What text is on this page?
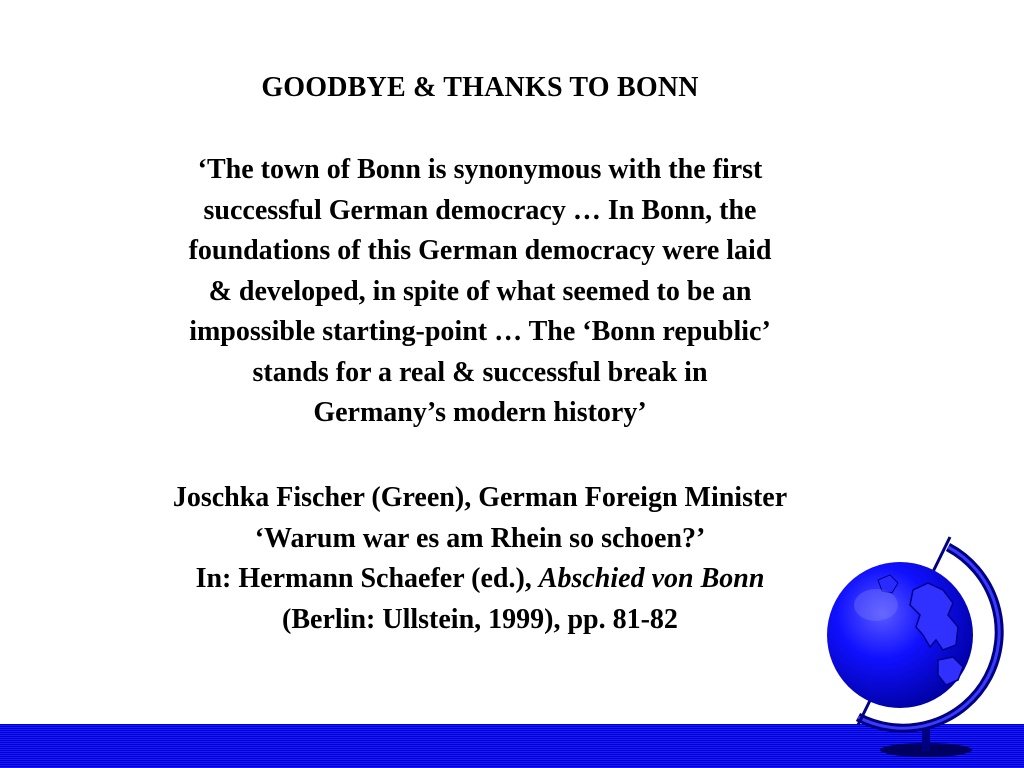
GOODBYE & THANKS TO BONN
‘The town of Bonn is synonymous with the first
successful German democracy … In Bonn, the
foundations of this German democracy were laid
& developed, in spite of what seemed to be an
impossible starting-point … The ‘Bonn republic’
stands for a real & successful break in
Germany’s modern history’
Joschka Fischer (Green), German Foreign Minister
‘Warum war es am Rhein so schoen?’
In: Hermann Schaefer (ed.), Abschied von Bonn
(Berlin: Ullstein, 1999), pp. 81-82
